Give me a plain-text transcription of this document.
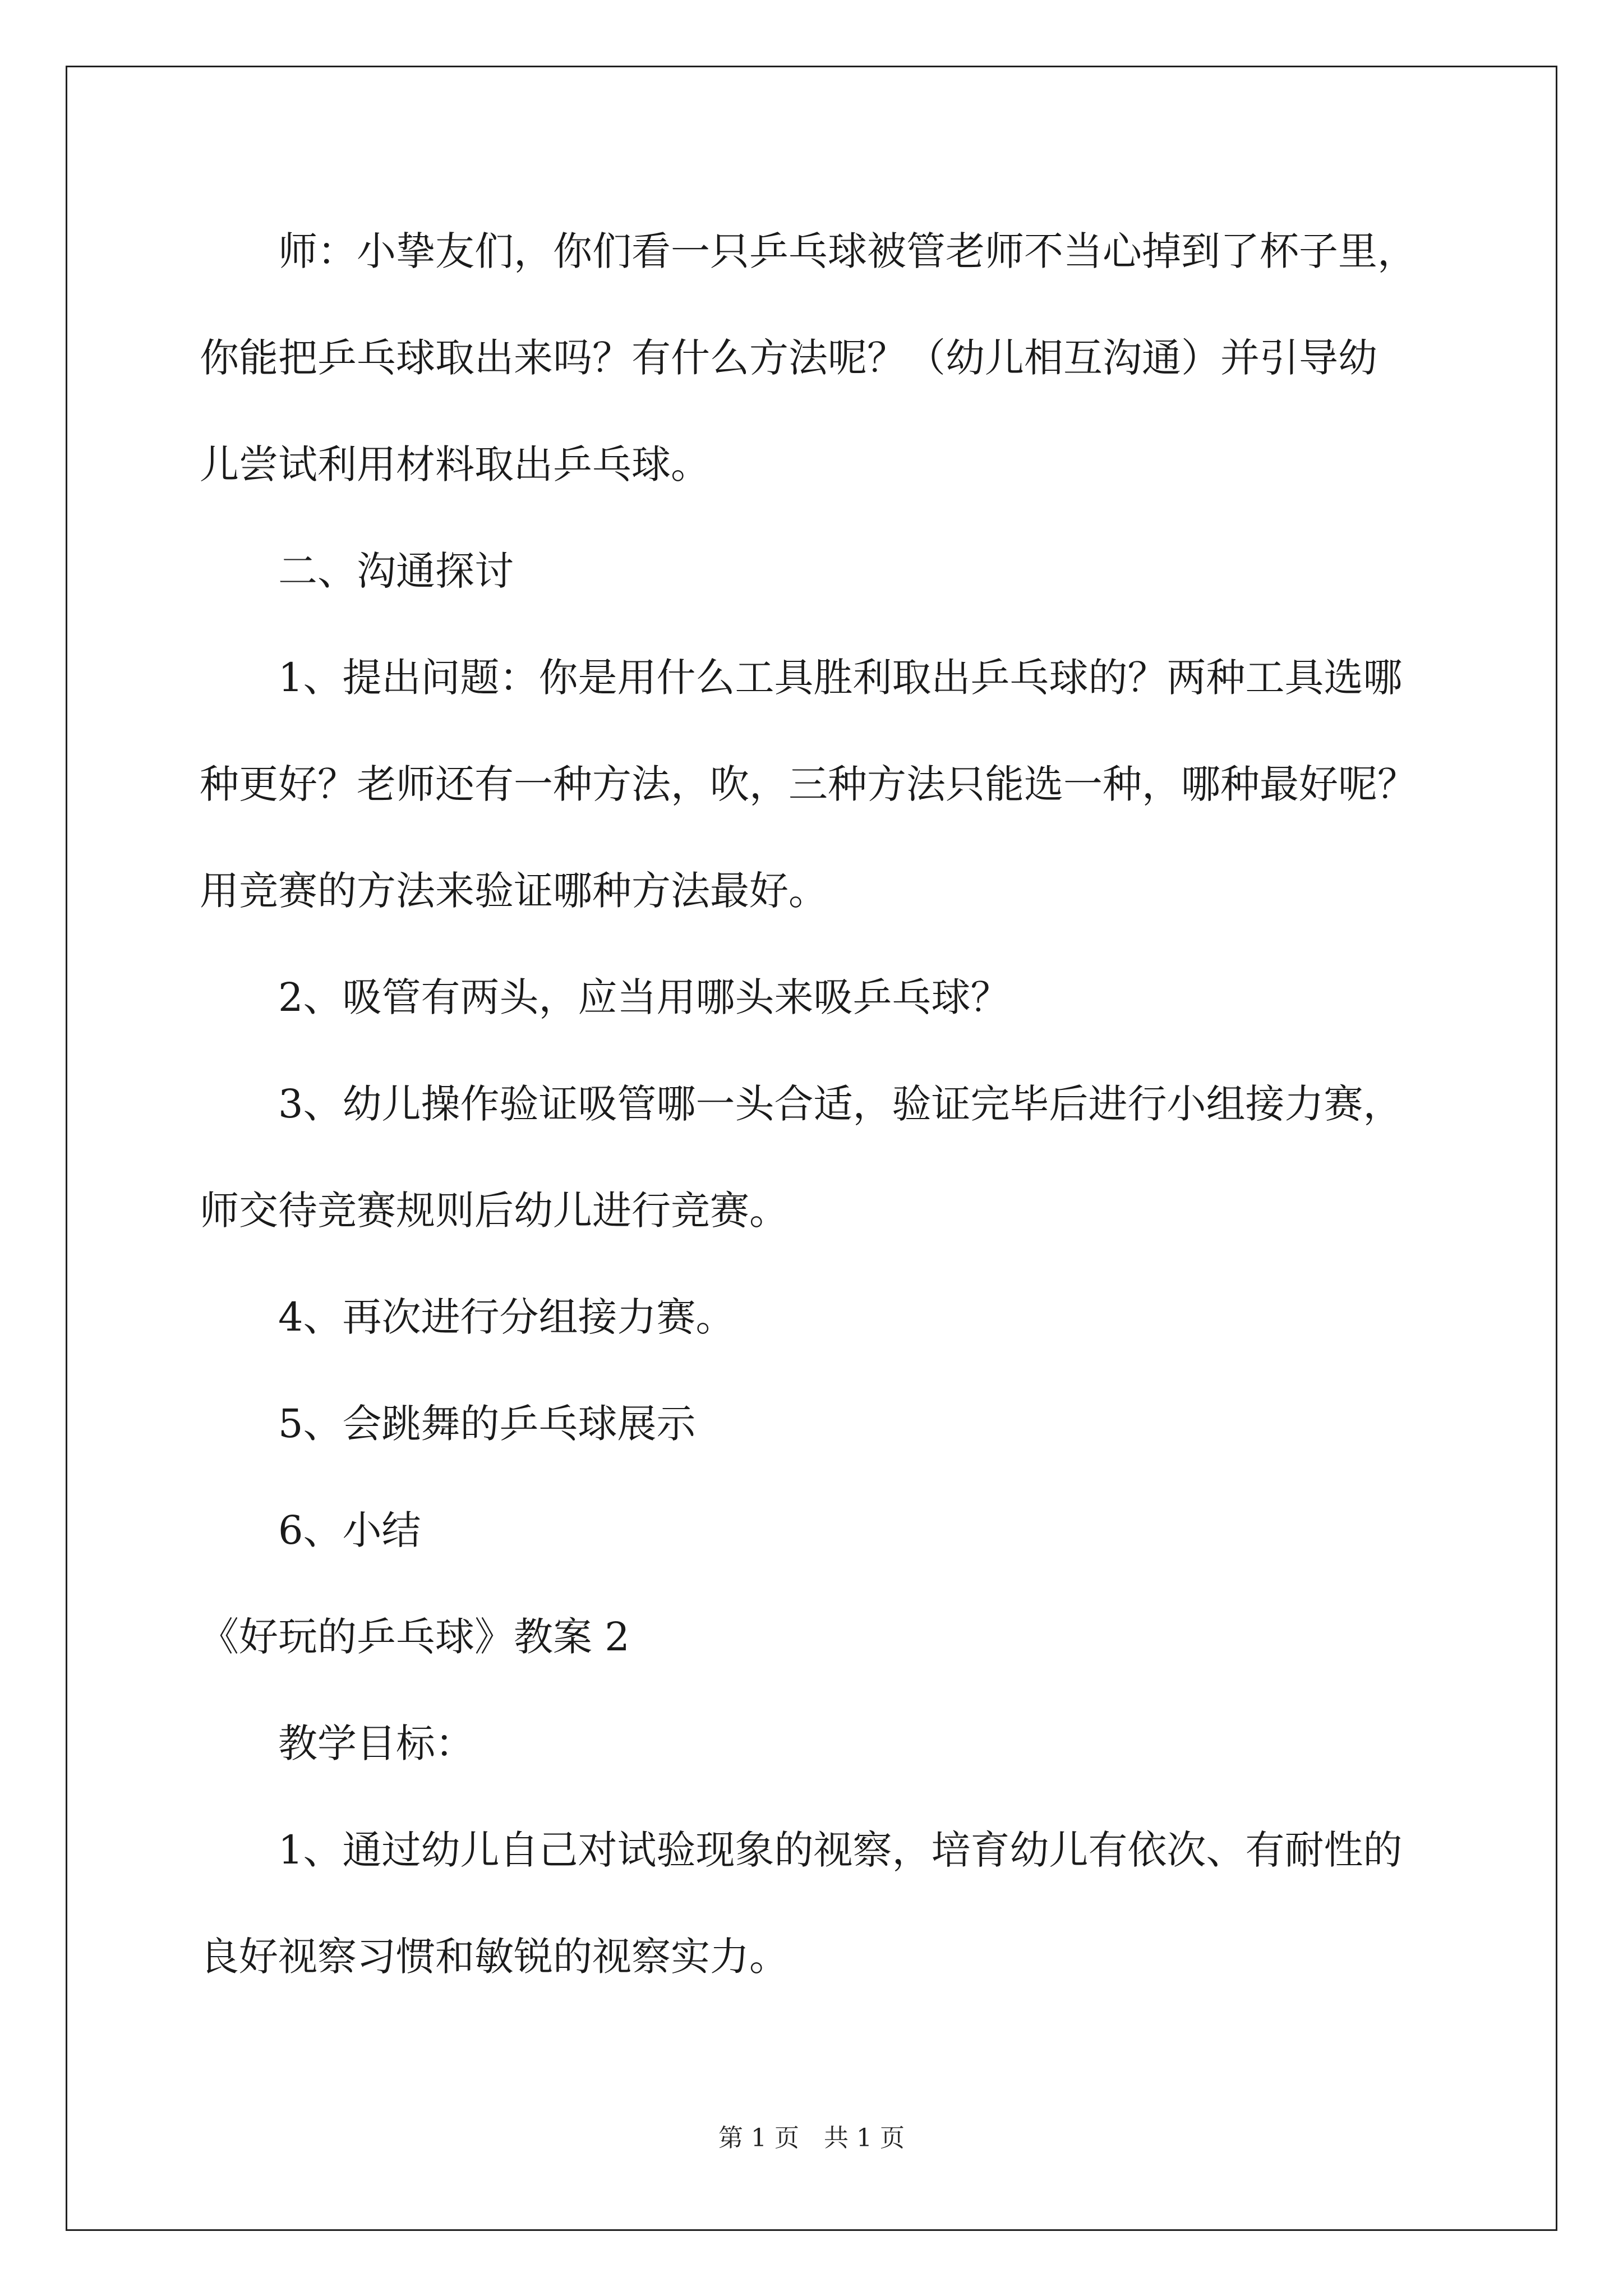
师：小挚友们，你们看一只乒乓球被管老师不当心掉到了杯子里，
你能把乒乓球取出来吗？有什么方法呢？（幼儿相互沟通）并引导幼
儿尝试利用材料取出乒乓球。
二、沟通探讨
1、提出问题：你是用什么工具胜利取出乒乓球的？两种工具选哪
种更好？老师还有一种方法，吹，三种方法只能选一种，哪种最好呢？
用竞赛的方法来验证哪种方法最好。
2、吸管有两头，应当用哪头来吸乒乓球？
3、幼儿操作验证吸管哪一头合适，验证完毕后进行小组接力赛，
师交待竞赛规则后幼儿进行竞赛。
4、再次进行分组接力赛。
5、会跳舞的乒乓球展示
6、小结
《好玩的乒乓球》教案 2
教学目标：
1、通过幼儿自己对试验现象的视察，培育幼儿有依次、有耐性的
良好视察习惯和敏锐的视察实力。
第 1 页　共 1 页
